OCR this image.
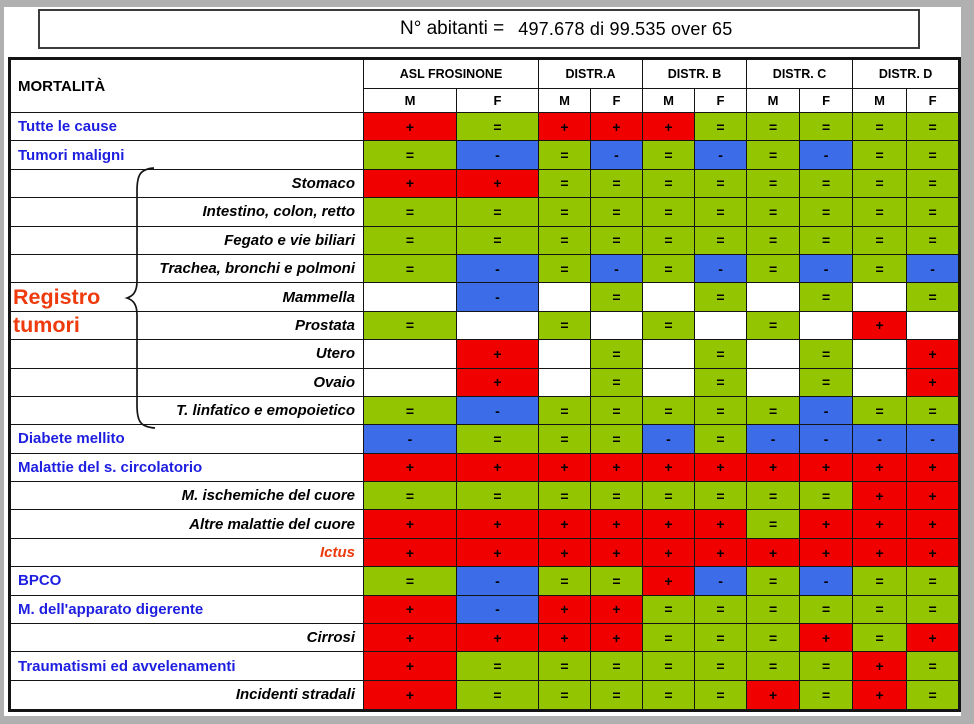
N° abitanti = 497.678 di 99.535 over 65
MORTALITÀ		ASL FROSINONE		DISTR.A		DISTR. B		DISTR. C		DISTR. D	
		M	F	M	F	M	F	M	F	M	F
Tutte le cause		+	=	+	+	+	=	=	=	=	=
Tumori maligni		=	-	=	-	=	-	=	-	=	=
	Stomaco	+	+	=	=	=	=	=	=	=	=
	Intestino, colon, retto	=	=	=	=	=	=	=	=	=	=
	Fegato e vie biliari	=	=	=	=	=	=	=	=	=	=
	Trachea, bronchi e polmoni	=	-	=	-	=	-	=	-	=	-
	Mammella		-		=		=		=		=
	Prostata	=		=		=		=		+	
	Utero		+		=		=		=		+
	Ovaio		+		=		=		=		+
	T. linfatico e emopoietico	=	-	=	=	=	=	=	-	=	=
Diabete mellito		-	=	=	=	-	=	-	-	-	-
Malattie del s. circolatorio		+	+	+	+	+	+	+	+	+	+
	M. ischemiche del cuore	=	=	=	=	=	=	=	=	+	+
	Altre malattie del cuore	+	+	+	+	+	+	=	+	+	+
	Ictus	+	+	+	+	+	+	+	+	+	+
BPCO		=	-	=	=	+	-	=	-	=	=
M. dell'apparato digerente		+	-	+	+	=	=	=	=	=	=
	Cirrosi	+	+	+	+	=	=	=	+	=	+
Traumatismi ed avvelenamenti		+	=	=	=	=	=	=	=	+	=
	Incidenti stradali	+	=	=	=	=	=	+	=	+	=
Registro
tumori
